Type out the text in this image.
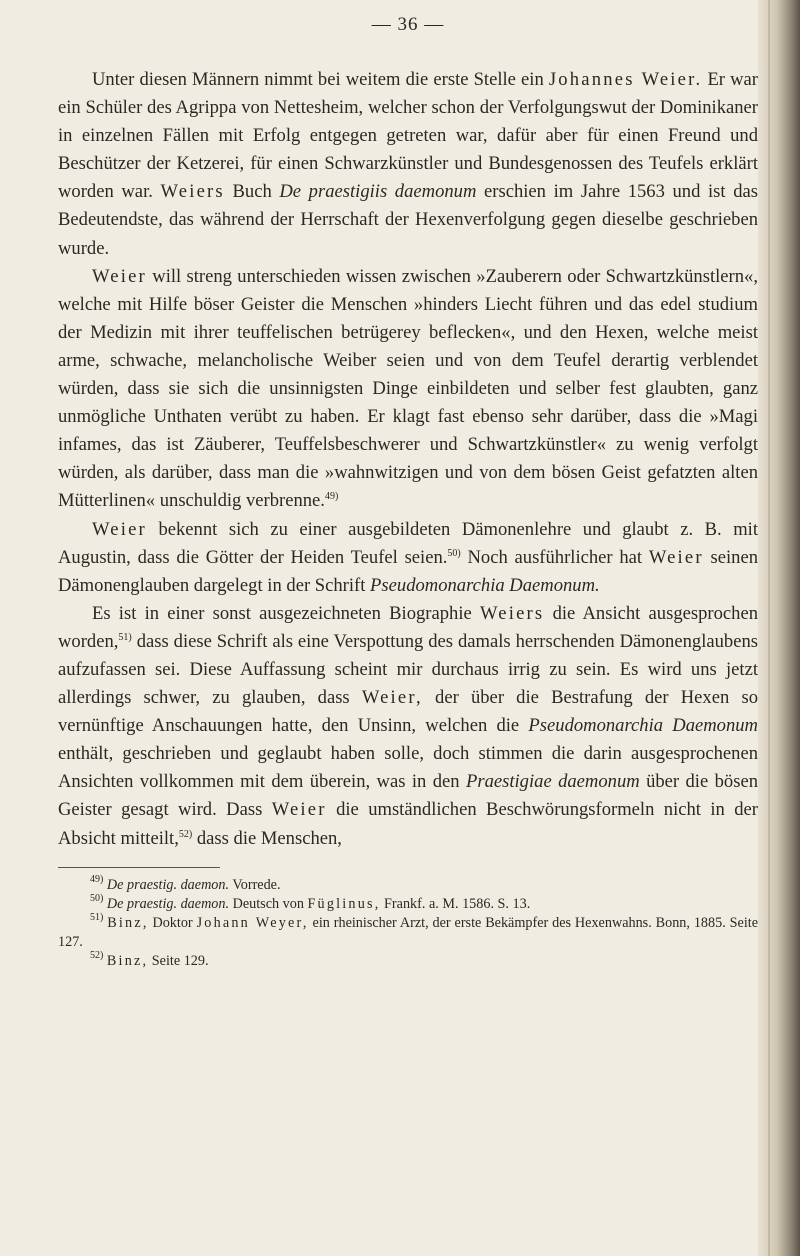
— 36 —

Unter diesen Männern nimmt bei weitem die erste Stelle ein Johannes Weier. Er war ein Schüler des Agrippa von Nettesheim, welcher schon der Verfolgungswut der Dominikaner in einzelnen Fällen mit Erfolg entgegen getreten war, dafür aber für einen Freund und Beschützer der Ketzerei, für einen Schwarzkünstler und Bundesgenossen des Teufels erklärt worden war. Weiers Buch De praestigiis daemonum erschien im Jahre 1563 und ist das Bedeutendste, das während der Herrschaft der Hexenverfolgung gegen dieselbe geschrieben wurde.

Weier will streng unterschieden wissen zwischen »Zauberern oder Schwartzkünstlern«, welche mit Hilfe böser Geister die Menschen »hinders Liecht führen und das edel studium der Medizin mit ihrer teuffelischen betrügerey beflecken«, und den Hexen, welche meist arme, schwache, melancholische Weiber seien und von dem Teufel derartig verblendet würden, dass sie sich die unsinnigsten Dinge einbildeten und selber fest glaubten, ganz unmögliche Unthaten verübt zu haben. Er klagt fast ebenso sehr darüber, dass die »Magi infames, das ist Zäuberer, Teuffelsbeschwerer und Schwartzkünstler« zu wenig verfolgt würden, als darüber, dass man die »wahnwitzigen und von dem bösen Geist gefatzten alten Mütterlinen« unschuldig verbrenne.$^{49)}$

Weier bekennt sich zu einer ausgebildeten Dämonenlehre und glaubt z. B. mit Augustin, dass die Götter der Heiden Teufel seien.$^{50)}$ Noch ausführlicher hat Weier seinen Dämonenglauben dargelegt in der Schrift Pseudomonarchia Daemonum.

Es ist in einer sonst ausgezeichneten Biographie Weiers die Ansicht ausgesprochen worden,$^{51)}$ dass diese Schrift als eine Verspottung des damals herrschenden Dämonenglaubens aufzufassen sei. Diese Auffassung scheint mir durchaus irrig zu sein. Es wird uns jetzt allerdings schwer, zu glauben, dass Weier, der über die Bestrafung der Hexen so vernünftige Anschauungen hatte, den Unsinn, welchen die Pseudomonarchia Daemonum enthält, geschrieben und geglaubt haben solle, doch stimmen die darin ausgesprochenen Ansichten vollkommen mit dem überein, was in den Praestigiae daemonum über die bösen Geister gesagt wird. Dass Weier die umständlichen Beschwörungsformeln nicht in der Absicht mitteilt,$^{52)}$ dass die Menschen,

$^{49)}$ De praestig. daemon. Vorrede.

$^{50)}$ De praestig. daemon. Deutsch von Füglinus, Frankf. a. M. 1586. S. 13.

$^{51)}$ Binz, Doktor Johann Weyer, ein rheinischer Arzt, der erste Bekämpfer des Hexenwahns. Bonn, 1885. Seite 127.

$^{52)}$ Binz, Seite 129.
